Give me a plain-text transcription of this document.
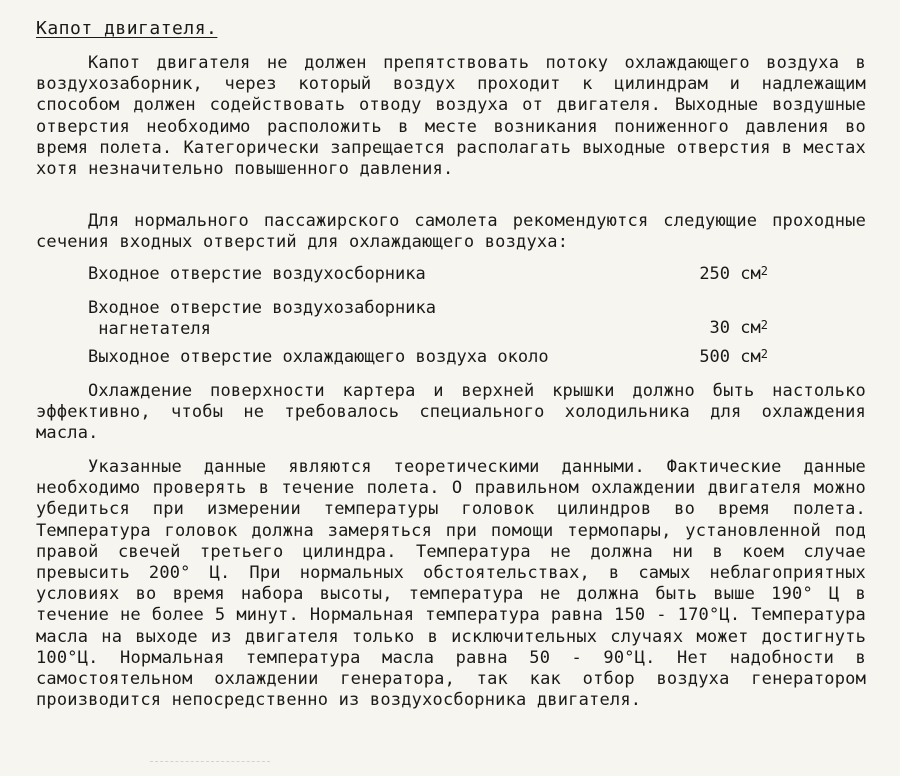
Капот двигателя.

Капот двигателя не должен препятствовать потоку охлаждающего воздуха в воздухозаборник, через который воздух проходит к цилиндрам и надлежащим способом должен содействовать отводу воздуха от двигателя. Выходные воздушные отверстия необходимо расположить в месте возникания пониженного давления во время полета. Категорически запрещается располагать выходные отверстия в местах хотя незначительно повышенного давления.

Для нормального пассажирского самолета рекомендуются следующие проходные сечения входных отверстий для охлаждающего воздуха:

Входное отверстие воздухосборника	250 $см^2$
Входное отверстие воздухозаборника
нагнетателя	30 $см^2$
Выходное отверстие охлаждающего воздуха около	500 $см^2$

Охлаждение поверхности картера и верхней крышки должно быть настолько эффективно, чтобы не требовалось специального холодильника для охлаждения масла.

Указанные данные являются теоретическими данными. Фактические данные необходимо проверять в течение полета. О правильном охлаждении двигателя можно убедиться при измерении температуры головок цилиндров во время полета. Температура головок должна замеряться при помощи термопары, установленной под правой свечей третьего цилиндра. Температура не должна ни в коем случае превысить 200° Ц. При нормальных обстоятельствах, в самых неблагоприятных условиях во время набора высоты, температура не должна быть выше 190° Ц в течение не более 5 минут. Нормальная температура равна 150 - 170°Ц. Температура масла на выходе из двигателя только в исключительных случаях может достигнуть 100°Ц. Нормальная температура масла равна 50 - 90°Ц. Нет надобности в самостоятельном охлаждении генератора, так как отбор воздуха генератором производится непосредственно из воздухосборника двигателя.
